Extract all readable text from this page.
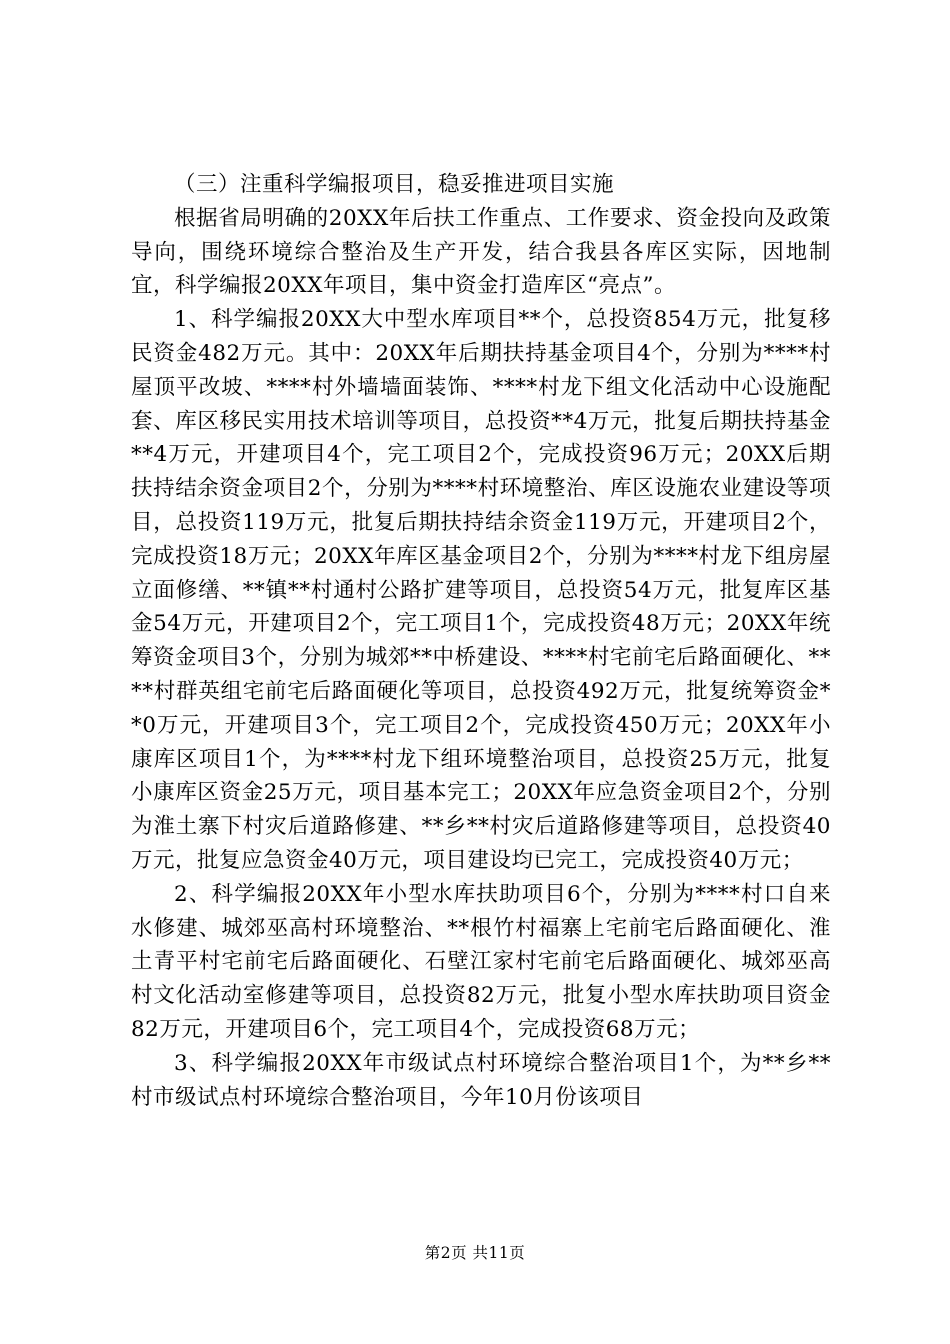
（三）注重科学编报项目，稳妥推进项目实施

根据省局明确的20XX年后扶工作重点、工作要求、资金投向及政策导向，围绕环境综合整治及生产开发，结合我县各库区实际，因地制宜，科学编报20XX年项目，集中资金打造库区“亮点”。

1、科学编报20XX大中型水库项目**个，总投资854万元，批复移民资金482万元。其中：20XX年后期扶持基金项目4个，分别为****村屋顶平改坡、****村外墙墙面装饰、****村龙下组文化活动中心设施配套、库区移民实用技术培训等项目，总投资**4万元，批复后期扶持基金**4万元，开建项目4个，完工项目2个，完成投资96万元；20XX后期扶持结余资金项目2个，分别为****村环境整治、库区设施农业建设等项目，总投资119万元，批复后期扶持结余资金119万元，开建项目2个，完成投资18万元；20XX年库区基金项目2个，分别为****村龙下组房屋立面修缮、**镇**村通村公路扩建等项目，总投资54万元，批复库区基金54万元，开建项目2个，完工项目1个，完成投资48万元；20XX年统筹资金项目3个，分别为城郊**中桥建设、****村宅前宅后路面硬化、****村群英组宅前宅后路面硬化等项目，总投资492万元，批复统筹资金**0万元，开建项目3个，完工项目2个，完成投资450万元；20XX年小康库区项目1个，为****村龙下组环境整治项目，总投资25万元，批复小康库区资金25万元，项目基本完工；20XX年应急资金项目2个，分别为淮土寨下村灾后道路修建、**乡**村灾后道路修建等项目，总投资40万元，批复应急资金40万元，项目建设均已完工，完成投资40万元；

2、科学编报20XX年小型水库扶助项目6个，分别为****村口自来水修建、城郊巫高村环境整治、**根竹村福寨上宅前宅后路面硬化、淮土青平村宅前宅后路面硬化、石壁江家村宅前宅后路面硬化、城郊巫高村文化活动室修建等项目，总投资82万元，批复小型水库扶助项目资金82万元，开建项目6个，完工项目4个，完成投资68万元；

3、科学编报20XX年市级试点村环境综合整治项目1个，为**乡**村市级试点村环境综合整治项目，今年10月份该项目

第2页 共11页
